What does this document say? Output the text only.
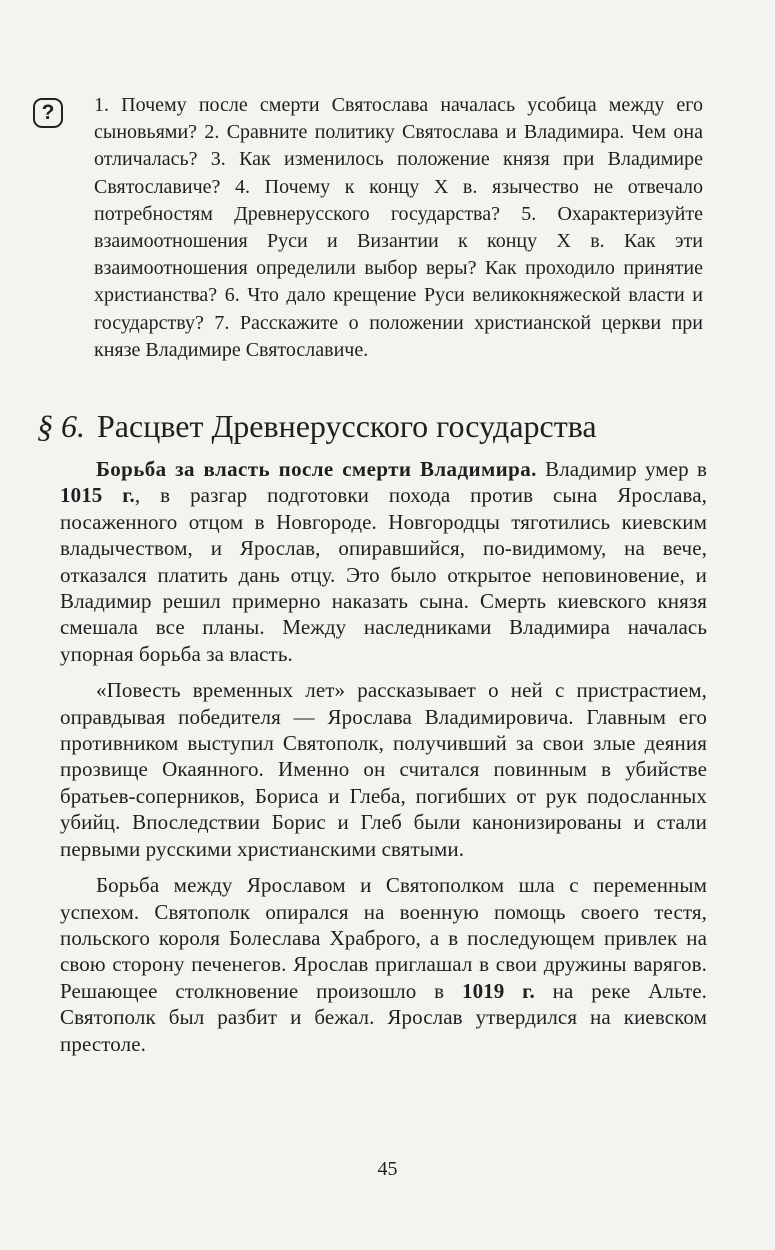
?	1. Почему после смерти Святослава началась усобица между его сыновьями? 2. Сравните политику Святослава и Владимира. Чем она отличалась? 3. Как изменилось положение князя при Владимире Святославиче? 4. Почему к концу X в. язычество не отвечало потребностям Древнерусского государства? 5. Охарактеризуйте взаимоотношения Руси и Византии к концу X в. Как эти взаимоотношения определили выбор веры? Как проходило принятие христианства? 6. Что дало крещение Руси великокняжеской власти и государству? 7. Расскажите о положении христианской церкви при князе Владимире Святославиче.
§ 6. Расцвет Древнерусского государства

Борьба за власть после смерти Владимира. Владимир умер в 1015 г., в разгар подготовки похода против сына Ярослава, посаженного отцом в Новгороде. Новгородцы тяготились киевским владычеством, и Ярослав, опиравшийся, по-видимому, на вече, отказался платить дань отцу. Это было открытое неповиновение, и Владимир решил примерно наказать сына. Смерть киевского князя смешала все планы. Между наследниками Владимира началась упорная борьба за власть.

«Повесть временных лет» рассказывает о ней с пристрастием, оправдывая победителя — Ярослава Владимировича. Главным его противником выступил Святополк, получивший за свои злые деяния прозвище Окаянного. Именно он считался повинным в убийстве братьев-соперников, Бориса и Глеба, погибших от рук подосланных убийц. Впоследствии Борис и Глеб были канонизированы и стали первыми русскими христианскими святыми.

Борьба между Ярославом и Святополком шла с переменным успехом. Святополк опирался на военную помощь своего тестя, польского короля Болеслава Храброго, а в последующем привлек на свою сторону печенегов. Ярослав приглашал в свои дружины варягов. Решающее столкновение произошло в 1019 г. на реке Альте. Святополк был разбит и бежал. Ярослав утвердился на киевском престоле.

45
